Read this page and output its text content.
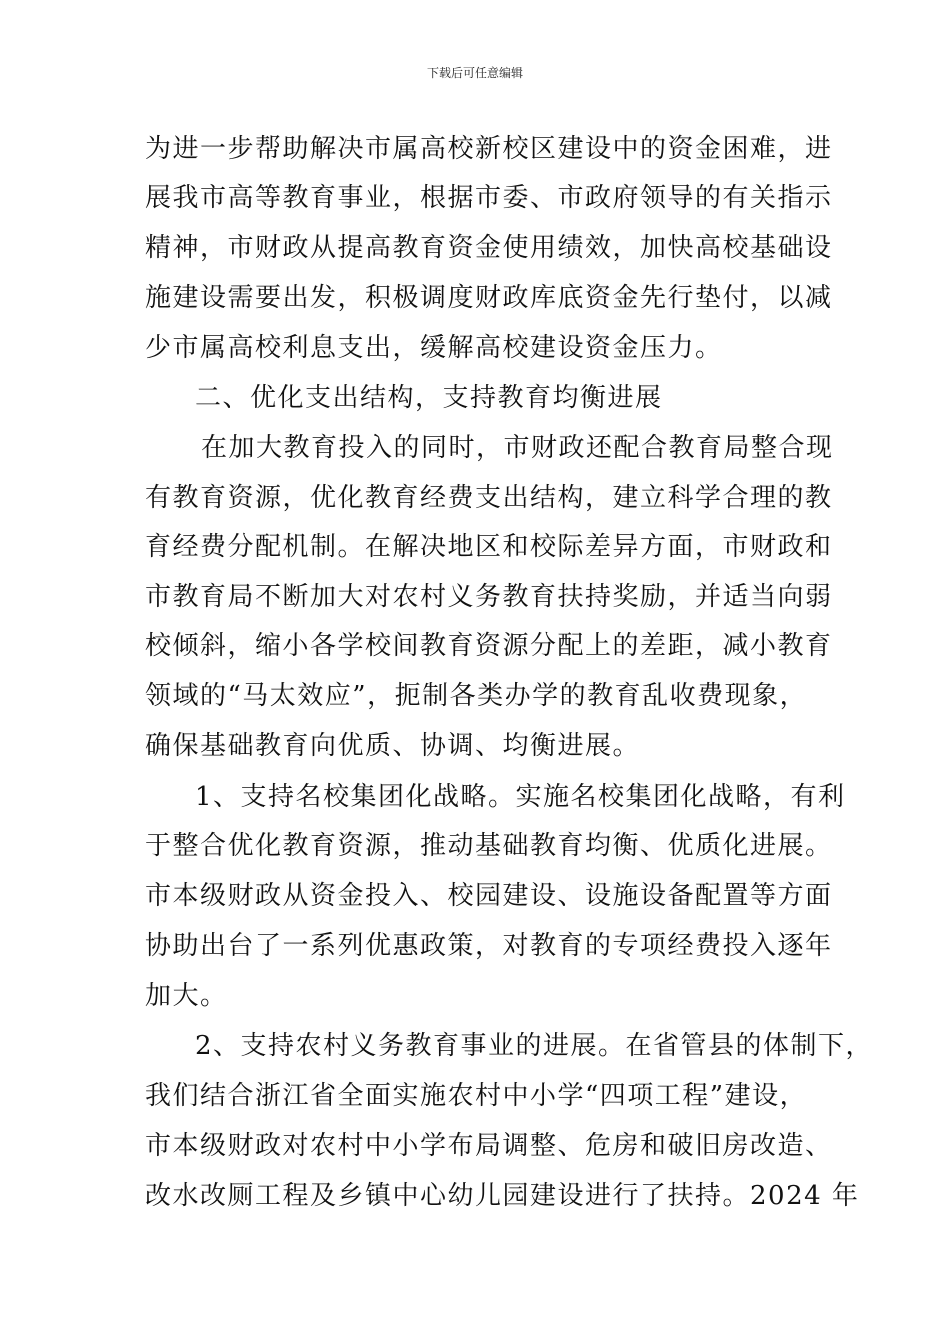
下载后可任意编辑
为进一步帮助解决市属高校新校区建设中的资金困难，进
展我市高等教育事业，根据市委、市政府领导的有关指示
精神，市财政从提高教育资金使用绩效，加快高校基础设
施建设需要出发，积极调度财政库底资金先行垫付，以减
少市属高校利息支出，缓解高校建设资金压力。
二、优化支出结构，支持教育均衡进展
在加大教育投入的同时，市财政还配合教育局整合现
有教育资源，优化教育经费支出结构，建立科学合理的教
育经费分配机制。在解决地区和校际差异方面，市财政和
市教育局不断加大对农村义务教育扶持奖励，并适当向弱
校倾斜，缩小各学校间教育资源分配上的差距，减小教育
领域的“马太效应”，扼制各类办学的教育乱收费现象，
确保基础教育向优质、协调、均衡进展。
1、支持名校集团化战略。实施名校集团化战略，有利
于整合优化教育资源，推动基础教育均衡、优质化进展。
市本级财政从资金投入、校园建设、设施设备配置等方面
协助出台了一系列优惠政策，对教育的专项经费投入逐年
加大。
2、支持农村义务教育事业的进展。在省管县的体制下，
我们结合浙江省全面实施农村中小学“四项工程”建设，
市本级财政对农村中小学布局调整、危房和破旧房改造、
改水改厕工程及乡镇中心幼儿园建设进行了扶持。2024 年
